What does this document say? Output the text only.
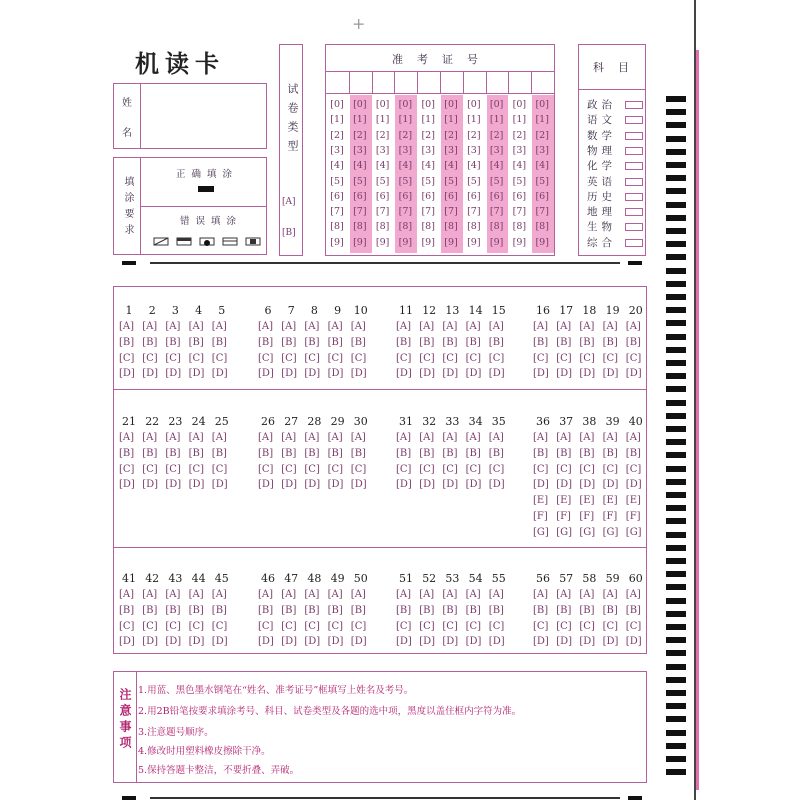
+
机读卡
姓
名
填涂要求
正确填涂
错误填涂
试卷类型
[A]
[B]
准考证号
[0]
[1]
[2]
[3]
[4]
[5]
[6]
[7]
[8]
[9]
[0]
[1]
[2]
[3]
[4]
[5]
[6]
[7]
[8]
[9]
[0]
[1]
[2]
[3]
[4]
[5]
[6]
[7]
[8]
[9]
[0]
[1]
[2]
[3]
[4]
[5]
[6]
[7]
[8]
[9]
[0]
[1]
[2]
[3]
[4]
[5]
[6]
[7]
[8]
[9]
[0]
[1]
[2]
[3]
[4]
[5]
[6]
[7]
[8]
[9]
[0]
[1]
[2]
[3]
[4]
[5]
[6]
[7]
[8]
[9]
[0]
[1]
[2]
[3]
[4]
[5]
[6]
[7]
[8]
[9]
[0]
[1]
[2]
[3]
[4]
[5]
[6]
[7]
[8]
[9]
[0]
[1]
[2]
[3]
[4]
[5]
[6]
[7]
[8]
[9]
科目
政治
语文
数学
物理
化学
英语
历史
地理
生物
综合
1
[A]
[B]
[C]
[D]
2
[A]
[B]
[C]
[D]
3
[A]
[B]
[C]
[D]
4
[A]
[B]
[C]
[D]
5
[A]
[B]
[C]
[D]
6
[A]
[B]
[C]
[D]
7
[A]
[B]
[C]
[D]
8
[A]
[B]
[C]
[D]
9
[A]
[B]
[C]
[D]
10
[A]
[B]
[C]
[D]
11
[A]
[B]
[C]
[D]
12
[A]
[B]
[C]
[D]
13
[A]
[B]
[C]
[D]
14
[A]
[B]
[C]
[D]
15
[A]
[B]
[C]
[D]
16
[A]
[B]
[C]
[D]
17
[A]
[B]
[C]
[D]
18
[A]
[B]
[C]
[D]
19
[A]
[B]
[C]
[D]
20
[A]
[B]
[C]
[D]
21
[A]
[B]
[C]
[D]
22
[A]
[B]
[C]
[D]
23
[A]
[B]
[C]
[D]
24
[A]
[B]
[C]
[D]
25
[A]
[B]
[C]
[D]
26
[A]
[B]
[C]
[D]
27
[A]
[B]
[C]
[D]
28
[A]
[B]
[C]
[D]
29
[A]
[B]
[C]
[D]
30
[A]
[B]
[C]
[D]
31
[A]
[B]
[C]
[D]
32
[A]
[B]
[C]
[D]
33
[A]
[B]
[C]
[D]
34
[A]
[B]
[C]
[D]
35
[A]
[B]
[C]
[D]
36
[A]
[B]
[C]
[D]
[E]
[F]
[G]
37
[A]
[B]
[C]
[D]
[E]
[F]
[G]
38
[A]
[B]
[C]
[D]
[E]
[F]
[G]
39
[A]
[B]
[C]
[D]
[E]
[F]
[G]
40
[A]
[B]
[C]
[D]
[E]
[F]
[G]
41
[A]
[B]
[C]
[D]
42
[A]
[B]
[C]
[D]
43
[A]
[B]
[C]
[D]
44
[A]
[B]
[C]
[D]
45
[A]
[B]
[C]
[D]
46
[A]
[B]
[C]
[D]
47
[A]
[B]
[C]
[D]
48
[A]
[B]
[C]
[D]
49
[A]
[B]
[C]
[D]
50
[A]
[B]
[C]
[D]
51
[A]
[B]
[C]
[D]
52
[A]
[B]
[C]
[D]
53
[A]
[B]
[C]
[D]
54
[A]
[B]
[C]
[D]
55
[A]
[B]
[C]
[D]
56
[A]
[B]
[C]
[D]
57
[A]
[B]
[C]
[D]
58
[A]
[B]
[C]
[D]
59
[A]
[B]
[C]
[D]
60
[A]
[B]
[C]
[D]
注意事项 1.用蓝、黑色墨水钢笔在“姓名、准考证号”框填写上姓名及考号。
2.用2B铅笔按要求填涂考号、科目、试卷类型及各题的选中项，黑度以盖住框内字符为准。
3.注意题号顺序。
4.修改时用塑料橡皮擦除干净。
5.保持答题卡整洁，不要折叠、弄破。
